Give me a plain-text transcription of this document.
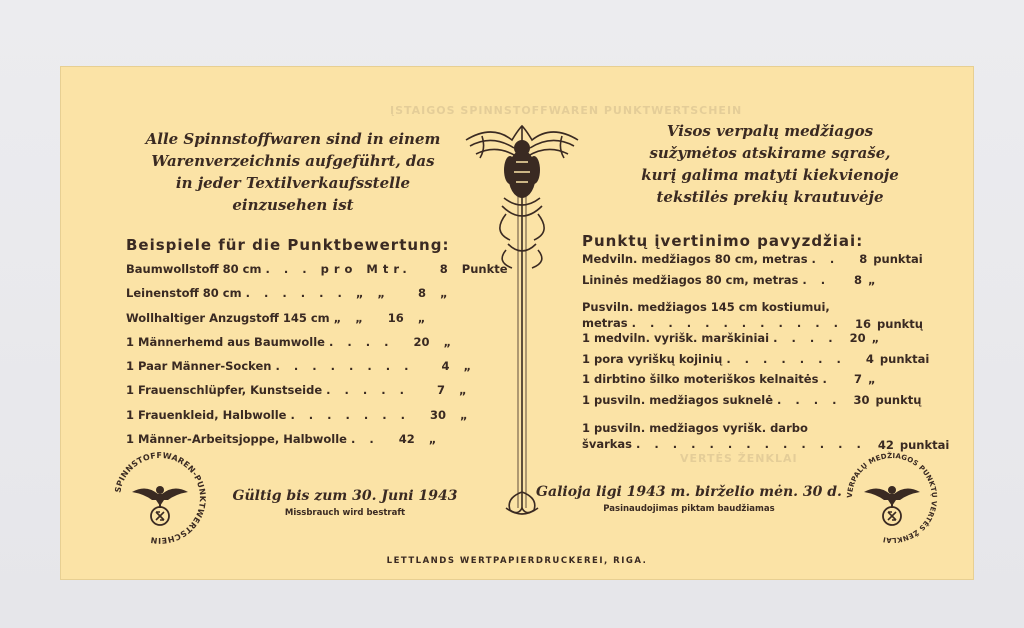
ĮSTAIGOS SPINNSTOFFWAREN PUNKTWERTSCHEIN
VERTĖS ŽENKLAI
Alle Spinnstoffwaren sind in einem
Warenverzeichnis aufgeführt, das
in jeder Textilverkaufsstelle
einzusehen ist
Visos verpalų medžiagos
sužymėtos atskirame sąraše,
kurį galima matyti kiekvienoje
tekstilės prekių krautuvėje
Beispiele für die Punktbewertung:	Punktų įvertinimo pavyzdžiai:
Baumwollstoff 80 cm . . . pro Mtr.	8	Punkte
Leinenstoff 80 cm . . . . . . „ „	8	„
Wollhaltiger Anzugstoff 145 cm „ „	16	„
1 Männerhemd aus Baumwolle . . . .	20	„
1 Paar Männer-Socken . . . . . . . .	4	„
1 Frauenschlüpfer, Kunstseide . . . . .	7	„
1 Frauenkleid, Halbwolle . . . . . . .	30	„
1 Männer-Arbeitsjoppe, Halbwolle . .	42	„
Medviln. medžiagos 80 cm, metras . .	8 punktai
Lininės medžiagos 80 cm, metras . .	8 „
Pusviln. medžiagos 145 cm kostiumui,
metras . . . . . . . . . . . .	16 punktų
1 medviln. vyrišk. marškiniai . . . .	20 „
1 pora vyriškų kojinių . . . . . . .	4 punktai
1 dirbtino šilko moteriškos kelnaitės .	7 „
1 pusviln. medžiagos suknelė . . . .	30 punktų
1 pusviln. medžiagos vyrišk. darbo
švarkas . . . . . . . . . . . . .	42 punktai
SPINNSTOFFWAREN-PUNKTWERTSCHEIN
VERPALŲ MEDŽIAGOS PUNKTŲ VERTĖS ŽENKLAI
Gültig bis zum 30. Juni 1943
Missbrauch wird bestraft
Galioja ligi 1943 m. birželio mėn. 30 d.
Pasinaudojimas piktam baudžiamas
LETTLANDS WERTPAPIERDRUCKEREI, RIGA.
